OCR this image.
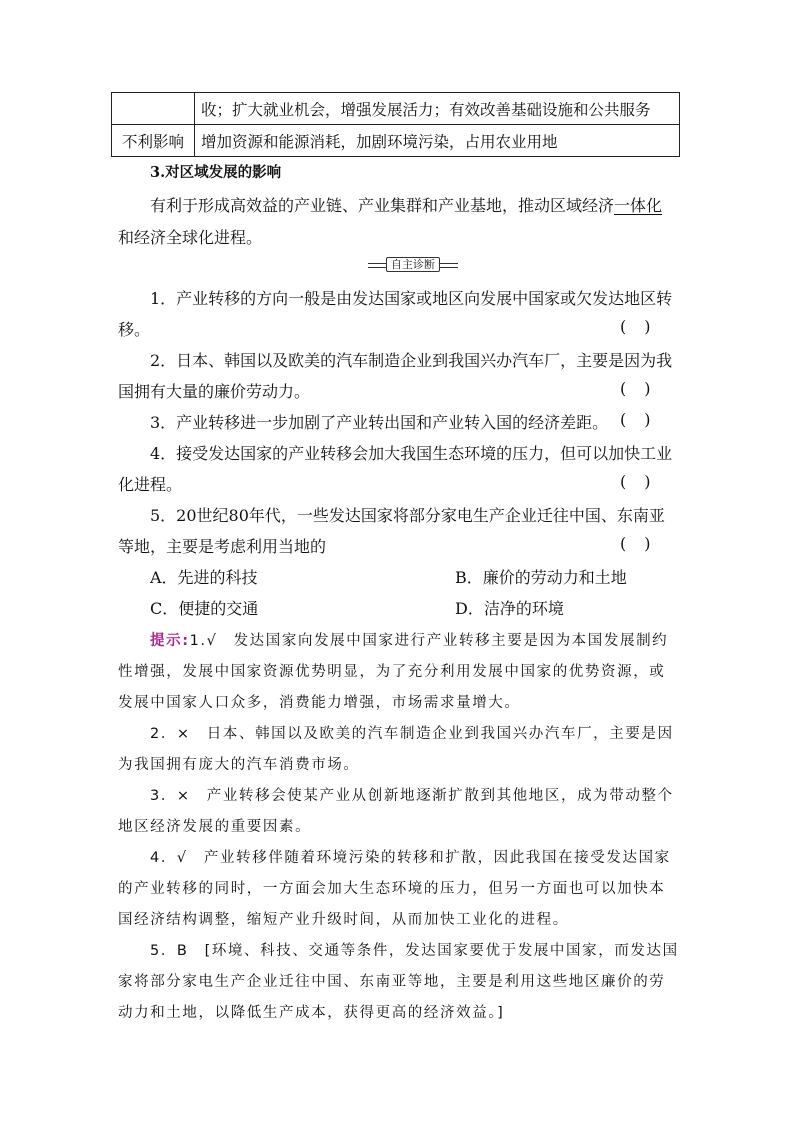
	收；扩大就业机会，增强发展活力；有效改善基础设施和公共服务
不利影响	增加资源和能源消耗，加剧环境污染，占用农业用地
3.对区域发展的影响
有利于形成高效益的产业链、产业集群和产业基地，推动区域经济一体化
和经济全球化进程。
自主诊断
1．产业转移的方向一般是由发达国家或地区向发展中国家或欠发达地区转
移。	()
2．日本、韩国以及欧美的汽车制造企业到我国兴办汽车厂，主要是因为我
国拥有大量的廉价劳动力。	()
3．产业转移进一步加剧了产业转出国和产业转入国的经济差距。 ()
4．接受发达国家的产业转移会加大我国生态环境的压力，但可以加快工业
化进程。	()
5．20世纪80年代，一些发达国家将部分家电生产企业迁往中国、东南亚
等地，主要是考虑利用当地的	()
A．先进的科技	B．廉价的劳动力和土地
C．便捷的交通	D．洁净的环境
提示:1.√　发达国家向发展中国家进行产业转移主要是因为本国发展制约
性增强，发展中国家资源优势明显，为了充分利用发展中国家的优势资源，或
发展中国家人口众多，消费能力增强，市场需求量增大。
2．×　日本、韩国以及欧美的汽车制造企业到我国兴办汽车厂，主要是因
为我国拥有庞大的汽车消费市场。
3．×　产业转移会使某产业从创新地逐渐扩散到其他地区，成为带动整个
地区经济发展的重要因素。
4．√　产业转移伴随着环境污染的转移和扩散，因此我国在接受发达国家
的产业转移的同时，一方面会加大生态环境的压力，但另一方面也可以加快本
国经济结构调整，缩短产业升级时间，从而加快工业化的进程。
5．B　[环境、科技、交通等条件，发达国家要优于发展中国家，而发达国
家将部分家电生产企业迁往中国、东南亚等地，主要是利用这些地区廉价的劳
动力和土地，以降低生产成本，获得更高的经济效益。]
